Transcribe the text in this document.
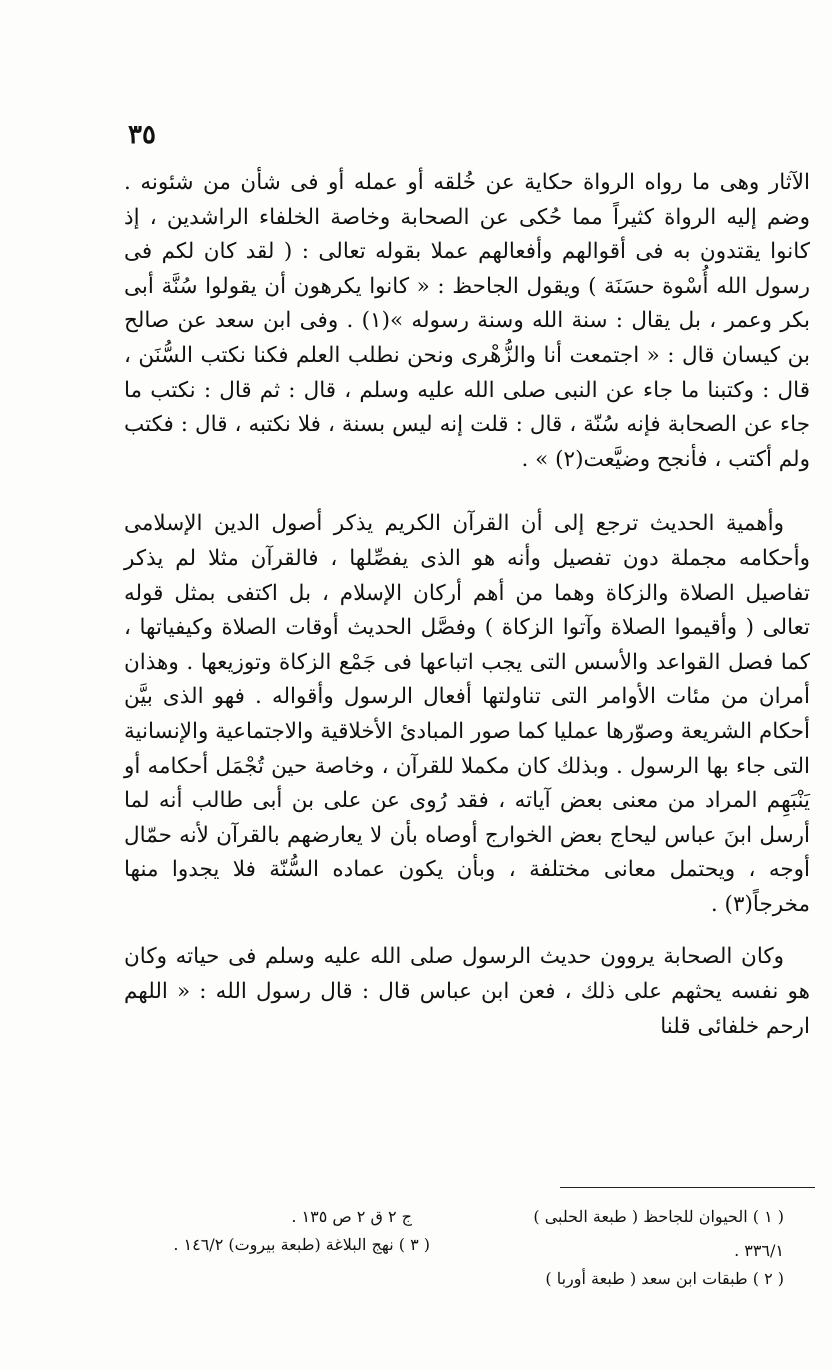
٣٥

الآثار وهى ما رواه الرواة حكاية عن خُلقه أو عمله أو فى شأن من شئونه . وضم إليه الرواة كثيراً مما حُكى عن الصحابة وخاصة الخلفاء الراشدين ، إذ كانوا يقتدون به فى أقوالهم وأفعالهم عملا بقوله تعالى : ( لقد كان لكم فى رسول الله أُسْوة حسَنَة ) ويقول الجاحظ : « كانوا يكرهون أن يقولوا سُنَّة أبى بكر وعمر ، بل يقال : سنة الله وسنة رسوله »(١) . وفى ابن سعد عن صالح بن كيسان قال : « اجتمعت أنا والزُّهْرى ونحن نطلب العلم فكنا نكتب السُّنَن ، قال : وكتبنا ما جاء عن النبى صلى الله عليه وسلم ، قال : ثم قال : نكتب ما جاء عن الصحابة فإنه سُنّة ، قال : قلت إنه ليس بسنة ، فلا نكتبه ، قال : فكتب ولم أكتب ، فأنجح وضيَّعت(٢) » .

وأهمية الحديث ترجع إلى أن القرآن الكريم يذكر أصول الدين الإسلامى وأحكامه مجملة دون تفصيل وأنه هو الذى يفصِّلها ، فالقرآن مثلا لم يذكر تفاصيل الصلاة والزكاة وهما من أهم أركان الإسلام ، بل اكتفى بمثل قوله تعالى ( وأقيموا الصلاة وآتوا الزكاة ) وفصَّل الحديث أوقات الصلاة وكيفياتها ، كما فصل القواعد والأسس التى يجب اتباعها فى جَمْع الزكاة وتوزيعها . وهذان أمران من مئات الأوامر التى تناولتها أفعال الرسول وأقواله . فهو الذى بيَّن أحكام الشريعة وصوّرها عمليا كما صور المبادئ الأخلاقية والاجتماعية والإنسانية التى جاء بها الرسول . وبذلك كان مكملا للقرآن ، وخاصة حين تُجْمَل أحكامه أو يَنْبَهِم المراد من معنى بعض آياته ، فقد رُوى عن على بن أبى طالب أنه لما أرسل ابنَ عباس ليحاج بعض الخوارج أوصاه بأن لا يعارضهم بالقرآن لأنه حمّال أوجه ، ويحتمل معانى مختلفة ، وبأن يكون عماده السُّنّة فلا يجدوا منها مخرجاً(٣) .

وكان الصحابة يروون حديث الرسول صلى الله عليه وسلم فى حياته وكان هو نفسه يحثهم على ذلك ، فعن ابن عباس قال : قال رسول الله : « اللهم ارحم خلفائى قلنا

( ١ ) الحيوان للجاحظ ( طبعة الحلبى )
ج ٢ ق ٢ ص ١٣٥ .
٣٣٦/١ .
( ٣ ) نهج البلاغة (طبعة بيروت) ١٤٦/٢ .
( ٢ ) طبقات ابن سعد ( طبعة أوربا )
